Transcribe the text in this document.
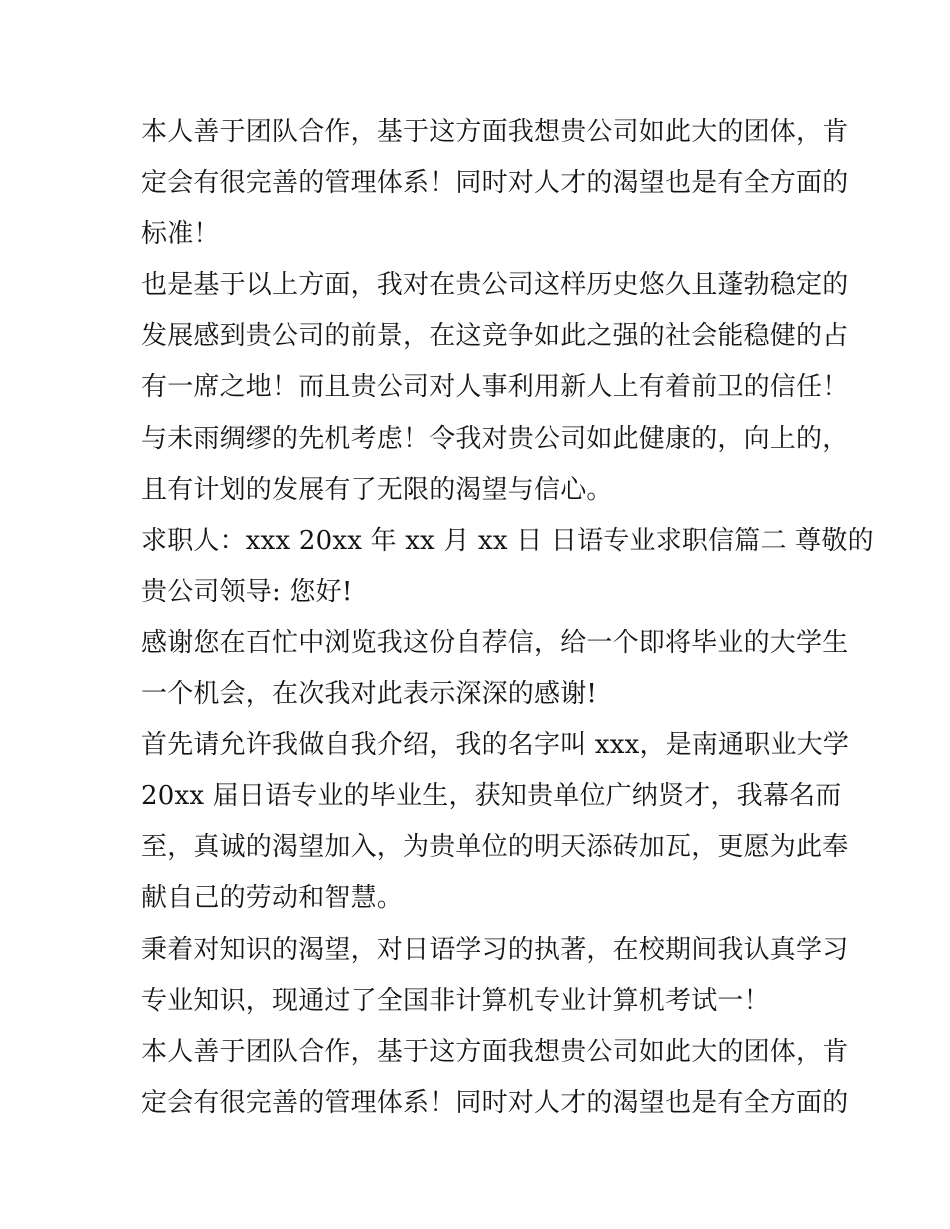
本人善于团队合作，基于这方面我想贵公司如此大的团体，肯
定会有很完善的管理体系！同时对人才的渴望也是有全方面的
标准！
也是基于以上方面，我对在贵公司这样历史悠久且蓬勃稳定的
发展感到贵公司的前景，在这竞争如此之强的社会能稳健的占
有一席之地！而且贵公司对人事利用新人上有着前卫的信任！
与未雨绸缪的先机考虑！令我对贵公司如此健康的，向上的，
且有计划的发展有了无限的渴望与信心。
求职人：xxx 20xx 年 xx 月 xx 日 日语专业求职信篇二 尊敬的
贵公司领导: 您好!
感谢您在百忙中浏览我这份自荐信，给一个即将毕业的大学生
一个机会，在次我对此表示深深的感谢!
首先请允许我做自我介绍，我的名字叫 xxx，是南通职业大学
20xx 届日语专业的毕业生，获知贵单位广纳贤才，我幕名而
至，真诚的渴望加入，为贵单位的明天添砖加瓦，更愿为此奉
献自己的劳动和智慧。
秉着对知识的渴望，对日语学习的执著，在校期间我认真学习
专业知识，现通过了全国非计算机专业计算机考试一！
本人善于团队合作，基于这方面我想贵公司如此大的团体，肯
定会有很完善的管理体系！同时对人才的渴望也是有全方面的
